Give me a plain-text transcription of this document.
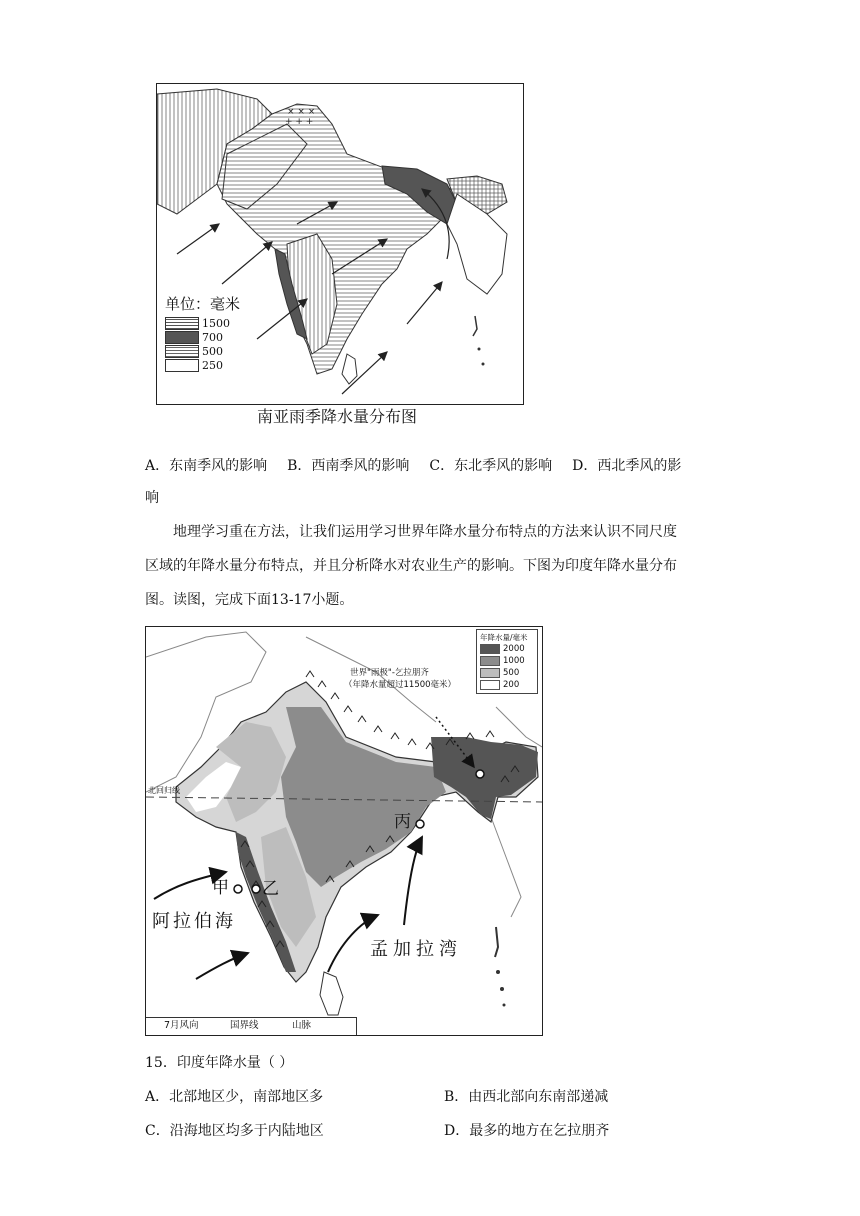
× × ×
+ + +
单位：毫米
1500
700
500
250
南亚雨季降水量分布图
A．东南季风的影响 B．西南季风的影响 C．东北季风的影响 D．西北季风的影
响
地理学习重在方法，让我们运用学习世界年降水量分布特点的方法来认识不同尺度
区域的年降水量分布特点，并且分析降水对农业生产的影响。下图为印度年降水量分布
图。读图，完成下面13-17小题。
年降水量/毫米
2000
1000
500
200
世界"雨极"-乞拉朋齐
（年降水量超过11500毫米）
北回归线
甲 乙
丙
阿拉伯海
孟加拉湾
7月风向	国界线	山脉
15．印度年降水量（ ）
A．北部地区少，南部地区多	B．由西北部向东南部递减
C．沿海地区均多于内陆地区	D．最多的地方在乞拉朋齐
